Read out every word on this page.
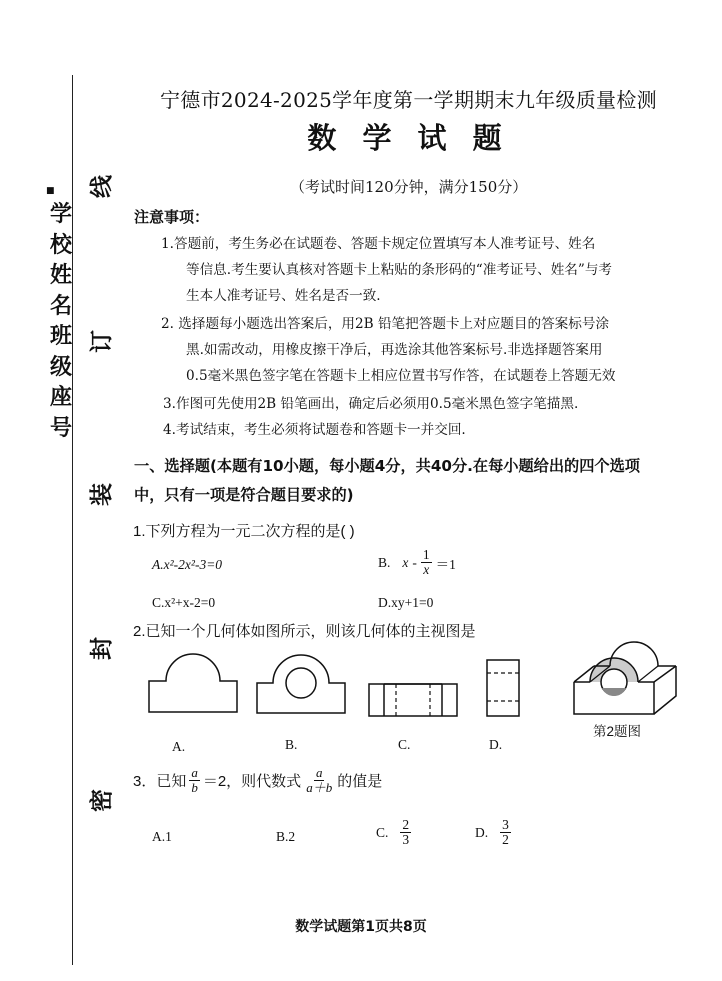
线
订
装
封
密
■
学
校
姓
名
班
级
座
号
宁德市2024-2025学年度第一学期期末九年级质量检测
数 学 试 题
（考试时间120分钟，满分150分）
注意事项：
1.答题前，考生务必在试题卷、答题卡规定位置填写本人准考证号、姓名
等信息.考生要认真核对答题卡上粘贴的条形码的“准考证号、姓名”与考
生本人准考证号、姓名是否一致.
2. 选择题每小题选出答案后，用2B 铅笔把答题卡上对应题目的答案标号涂
黑.如需改动，用橡皮擦干净后，再选涂其他答案标号.非选择题答案用
0.5毫米黑色签字笔在答题卡上相应位置书写作答，在试题卷上答题无效
3.作图可先使用2B 铅笔画出，确定后必须用0.5毫米黑色签字笔描黑.
4.考试结束，考生必须将试题卷和答题卡一并交回.
一、选择题(本题有10小题，每小题4分，共40分.在每小题给出的四个选项
中，只有一项是符合题目要求的)
1.下列方程为一元二次方程的是( )
A.x²-2x²-3=0	B. $x - \frac{1}{x} =1$
C.x²+x-2=0	D.xy+1=0
2.已知一个几何体如图所示，则该几何体的主视图是
第2题图
A.	B.	C.	D.
3．已知 $\frac{a}{b} =2$，则代数式 $\frac{a}{a+b}$ 的值是
A.1	B.2	C. $\frac{2}{3}$	D. $\frac{3}{2}$
数学试题第1页共8页
